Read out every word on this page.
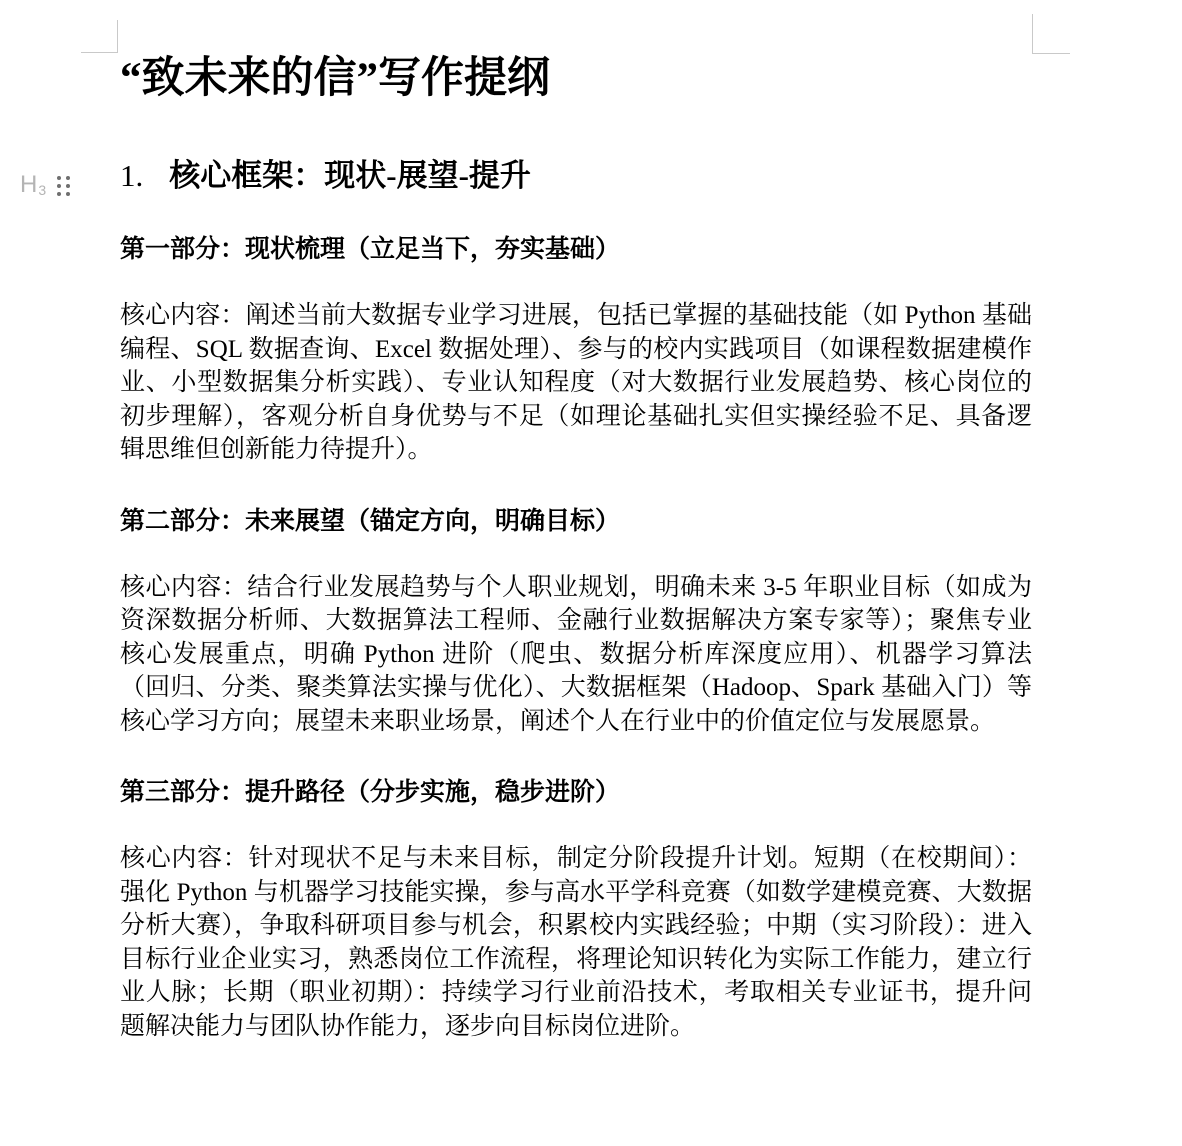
H 3
“致未来的信”写作提纲
1. 核心框架：现状-展望-提升
第一部分：现状梳理（立足当下，夯实基础）

核心内容：阐述当前大数据专业学习进展，包括已掌握的基础技能（如 Python 基础编程、SQL 数据查询、Excel 数据处理）、参与的校内实践项目（如课程数据建模作业、小型数据集分析实践）、专业认知程度（对大数据行业发展趋势、核心岗位的初步理解），客观分析自身优势与不足（如理论基础扎实但实操经验不足、具备逻辑思维但创新能力待提升）。

第二部分：未来展望（锚定方向，明确目标）

核心内容：结合行业发展趋势与个人职业规划，明确未来 3-5 年职业目标（如成为资深数据分析师、大数据算法工程师、金融行业数据解决方案专家等）；聚焦专业核心发展重点，明确 Python 进阶（爬虫、数据分析库深度应用）、机器学习算法（回归、分类、聚类算法实操与优化）、大数据框架（Hadoop、Spark 基础入门）等核心学习方向；展望未来职业场景，阐述个人在行业中的价值定位与发展愿景。

第三部分：提升路径（分步实施，稳步进阶）

核心内容：针对现状不足与未来目标，制定分阶段提升计划。短期（在校期间）：强化 Python 与机器学习技能实操，参与高水平学科竞赛（如数学建模竞赛、大数据分析大赛），争取科研项目参与机会，积累校内实践经验；中期（实习阶段）：进入目标行业企业实习，熟悉岗位工作流程，将理论知识转化为实际工作能力，建立行业人脉；长期（职业初期）：持续学习行业前沿技术，考取相关专业证书，提升问题解决能力与团队协作能力，逐步向目标岗位进阶。
